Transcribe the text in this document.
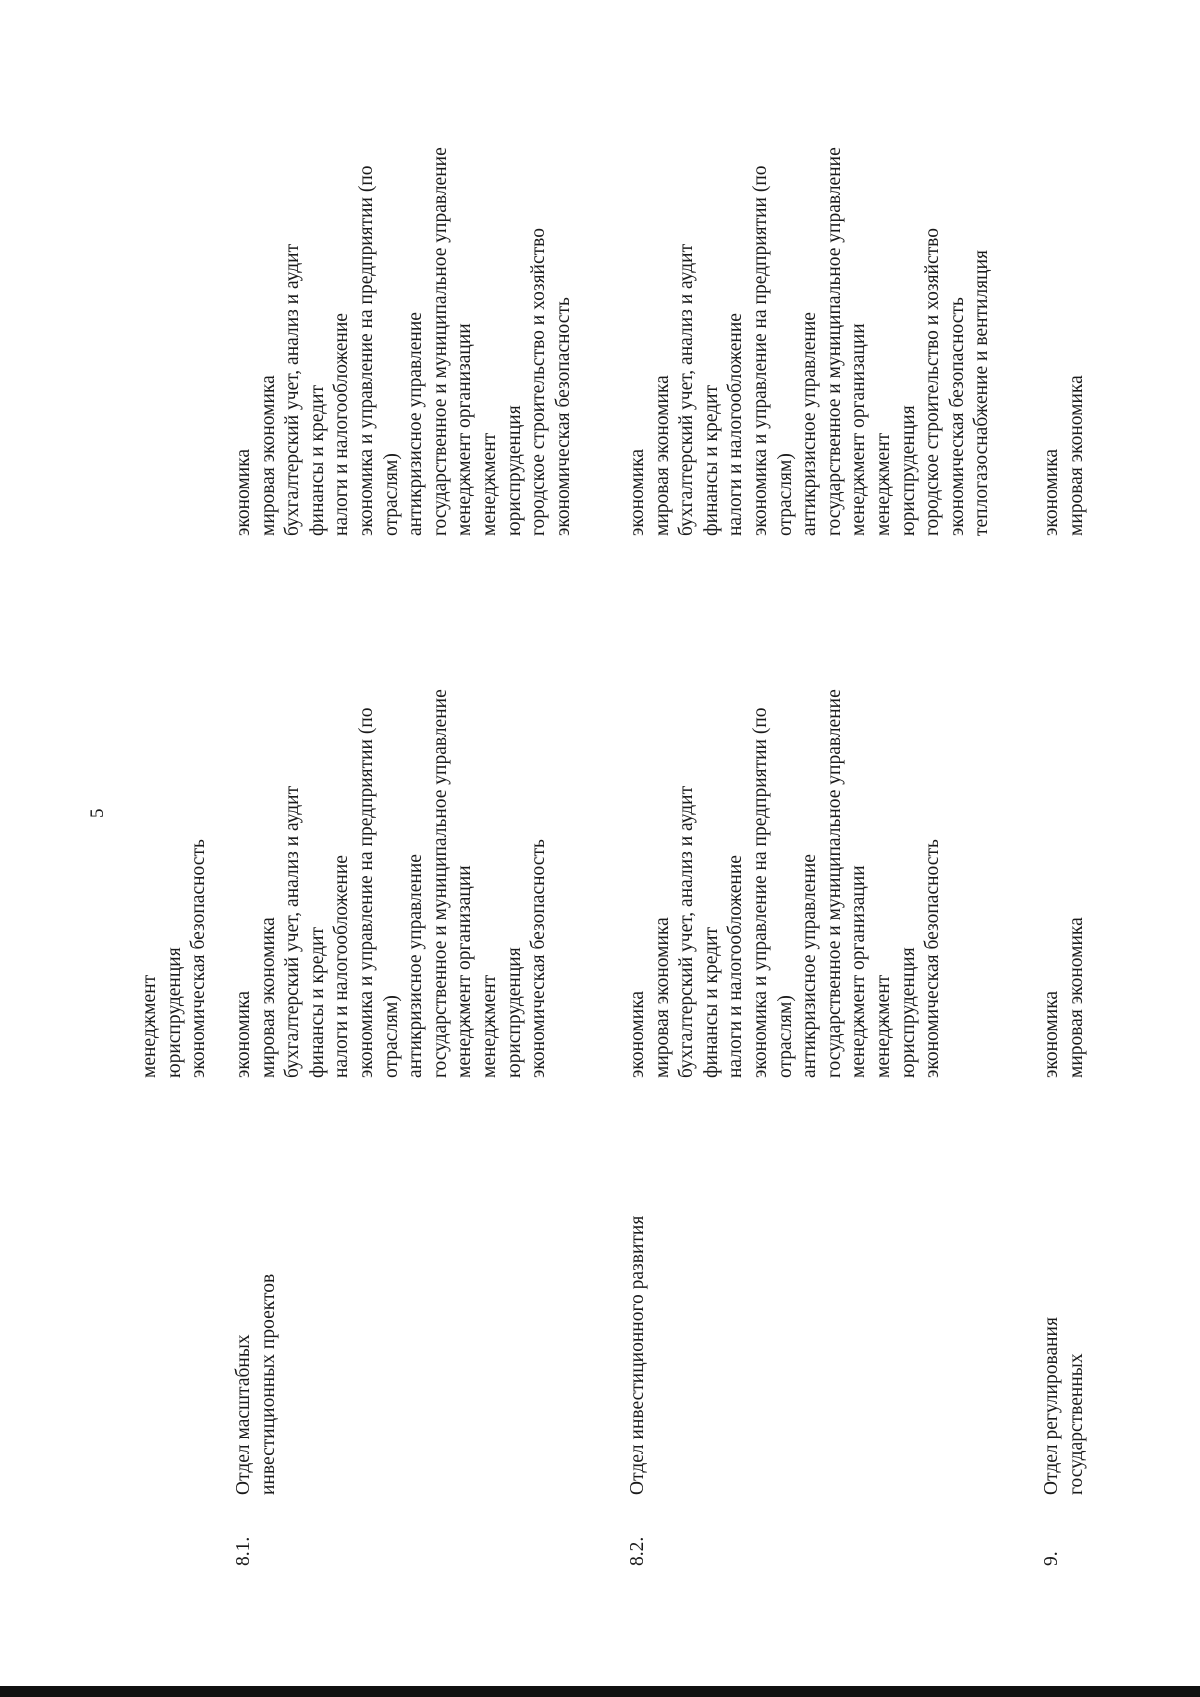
5
менеджмент юриспруденция экономическая безопасность
8.1.
Отдел масштабных инвестиционных проектов
экономика мировая экономика бухгалтерский учет, анализ и аудит финансы и кредит налоги и налогообложение экономика и управление на предприятии (по отраслям) антикризисное управление государственное и муниципальное управление менеджмент организации менеджмент юриспруденция экономическая безопасность
экономика мировая экономика бухгалтерский учет, анализ и аудит финансы и кредит налоги и налогообложение экономика и управление на предприятии (по отраслям) антикризисное управление государственное и муниципальное управление менеджмент организации менеджмент юриспруденция городское строительство и хозяйство экономическая безопасность
8.2.
Отдел инвестиционного развития
экономика мировая экономика бухгалтерский учет, анализ и аудит финансы и кредит налоги и налогообложение экономика и управление на предприятии (по отраслям) антикризисное управление государственное и муниципальное управление менеджмент организации менеджмент юриспруденция экономическая безопасность
экономика мировая экономика бухгалтерский учет, анализ и аудит финансы и кредит налоги и налогообложение экономика и управление на предприятии (по отраслям) антикризисное управление государственное и муниципальное управление менеджмент организации менеджмент юриспруденция городское строительство и хозяйство экономическая безопасность теплогазоснабжение и вентиляция
9.
Отдел регулирования государственных
экономика мировая экономика
экономика мировая экономика
